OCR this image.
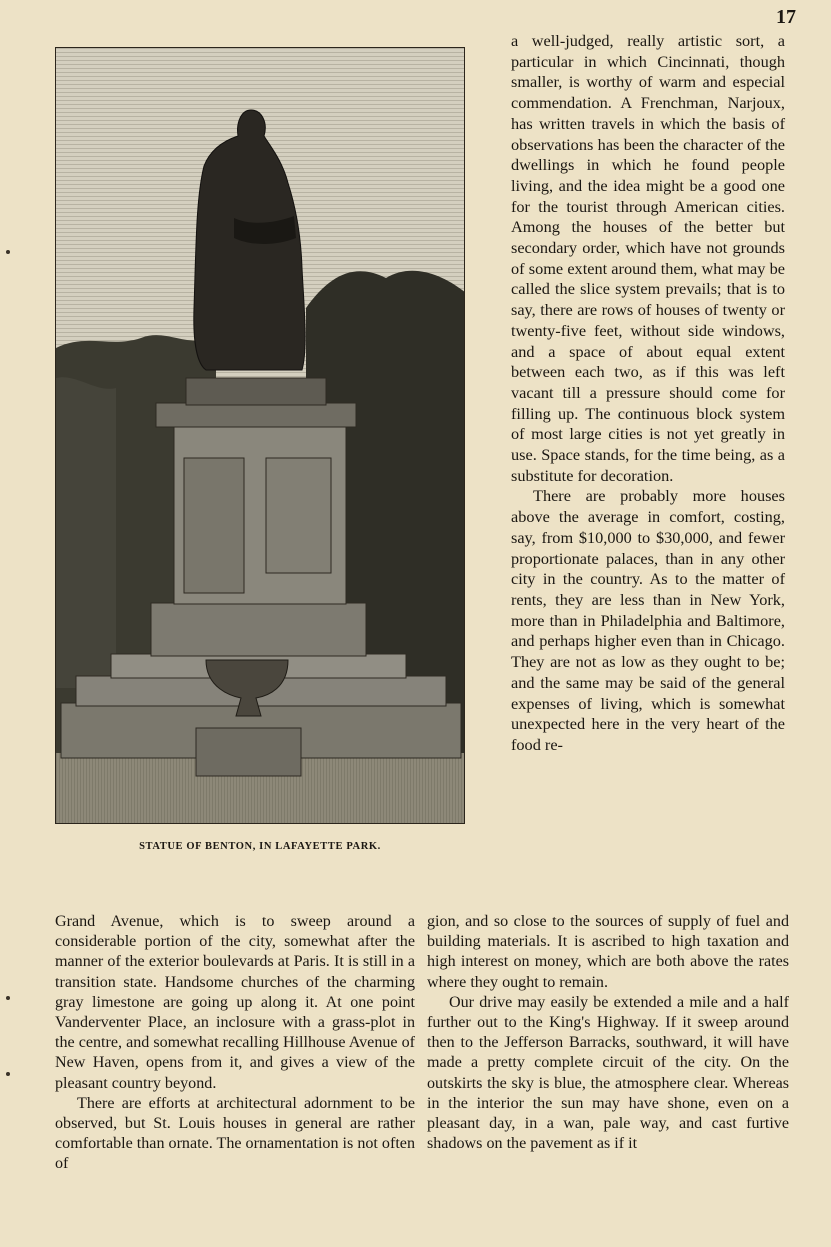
17
STATUE OF BENTON, IN LAFAYETTE PARK.

a well-judged, really artistic sort, a particular in which Cincinnati, though smaller, is worthy of warm and especial commendation. A Frenchman, Narjoux, has written travels in which the basis of observations has been the character of the dwellings in which he found people living, and the idea might be a good one for the tourist through American cities. Among the houses of the better but secondary order, which have not grounds of some extent around them, what may be called the slice system prevails; that is to say, there are rows of houses of twenty or twenty-five feet, without side windows, and a space of about equal extent between each two, as if this was left vacant till a pressure should come for filling up. The continuous block system of most large cities is not yet greatly in use. Space stands, for the time being, as a substitute for decoration.

There are probably more houses above the average in comfort, costing, say, from $10,000 to $30,000, and fewer proportionate palaces, than in any other city in the country. As to the matter of rents, they are less than in New York, more than in Philadelphia and Baltimore, and perhaps higher even than in Chicago. They are not as low as they ought to be; and the same may be said of the general expenses of living, which is somewhat unexpected here in the very heart of the food re-

Grand Avenue, which is to sweep around a considerable portion of the city, somewhat after the manner of the exterior boulevards at Paris. It is still in a transition state. Handsome churches of the charming gray limestone are going up along it. At one point Vanderventer Place, an inclosure with a grass-plot in the centre, and somewhat recalling Hillhouse Avenue of New Haven, opens from it, and gives a view of the pleasant country beyond.

There are efforts at architectural adornment to be observed, but St. Louis houses in general are rather comfortable than ornate. The ornamentation is not often of

gion, and so close to the sources of supply of fuel and building materials. It is ascribed to high taxation and high interest on money, which are both above the rates where they ought to remain.

Our drive may easily be extended a mile and a half further out to the King's Highway. If it sweep around then to the Jefferson Barracks, southward, it will have made a pretty complete circuit of the city. On the outskirts the sky is blue, the atmosphere clear. Whereas in the interior the sun may have shone, even on a pleasant day, in a wan, pale way, and cast furtive shadows on the pavement as if it
